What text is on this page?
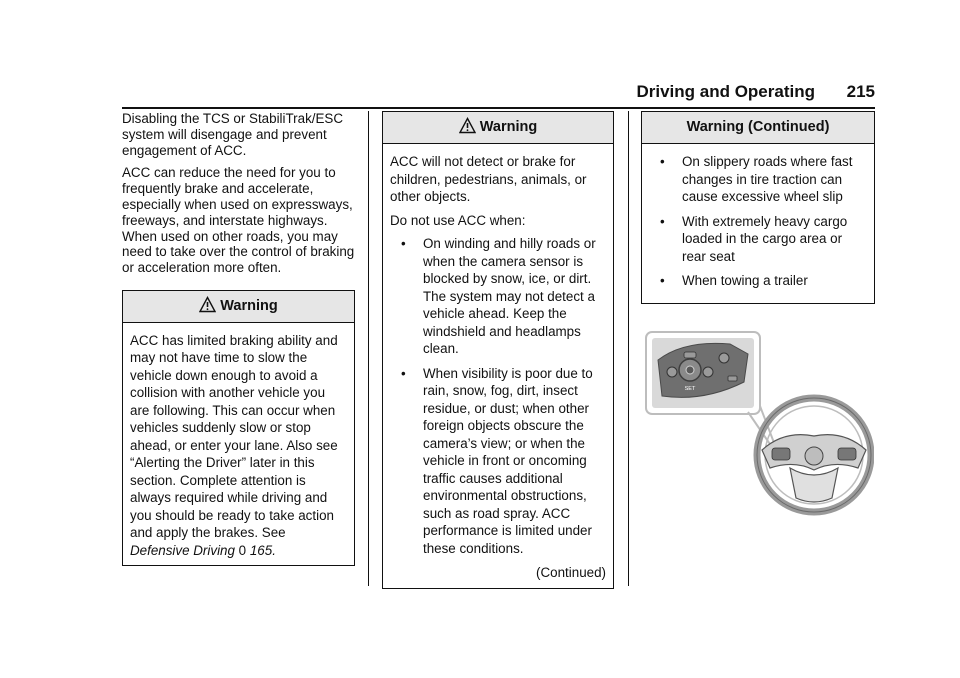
Driving and Operating 215

Disabling the TCS or StabiliTrak/ESC system will disengage and prevent engagement of ACC.

ACC can reduce the need for you to frequently brake and accelerate, especially when used on expressways, freeways, and interstate highways. When used on other roads, you may need to take over the control of braking or acceleration more often.

Warning
ACC has limited braking ability and may not have time to slow the vehicle down enough to avoid a collision with another vehicle you are following. This can occur when vehicles suddenly slow or stop ahead, or enter your lane. Also see “Alerting the Driver” later in this section. Complete attention is always required while driving and you should be ready to take action and apply the brakes. See
Defensive Driving 0 165.
Warning

ACC will not detect or brake for children, pedestrians, animals, or other objects.

Do not use ACC when:

• On winding and hilly roads or when the camera sensor is blocked by snow, ice, or dirt. The system may not detect a vehicle ahead. Keep the windshield and headlamps clean.
• When visibility is poor due to rain, snow, fog, dirt, insect residue, or dust; when other foreign objects obscure the camera’s view; or when the vehicle in front or oncoming traffic causes additional environmental obstructions, such as road spray. ACC performance is limited under these conditions.
(Continued)
Warning (Continued)
• On slippery roads where fast changes in tire traction can cause excessive wheel slip
• With extremely heavy cargo loaded in the cargo area or rear seat
• When towing a trailer
SET
